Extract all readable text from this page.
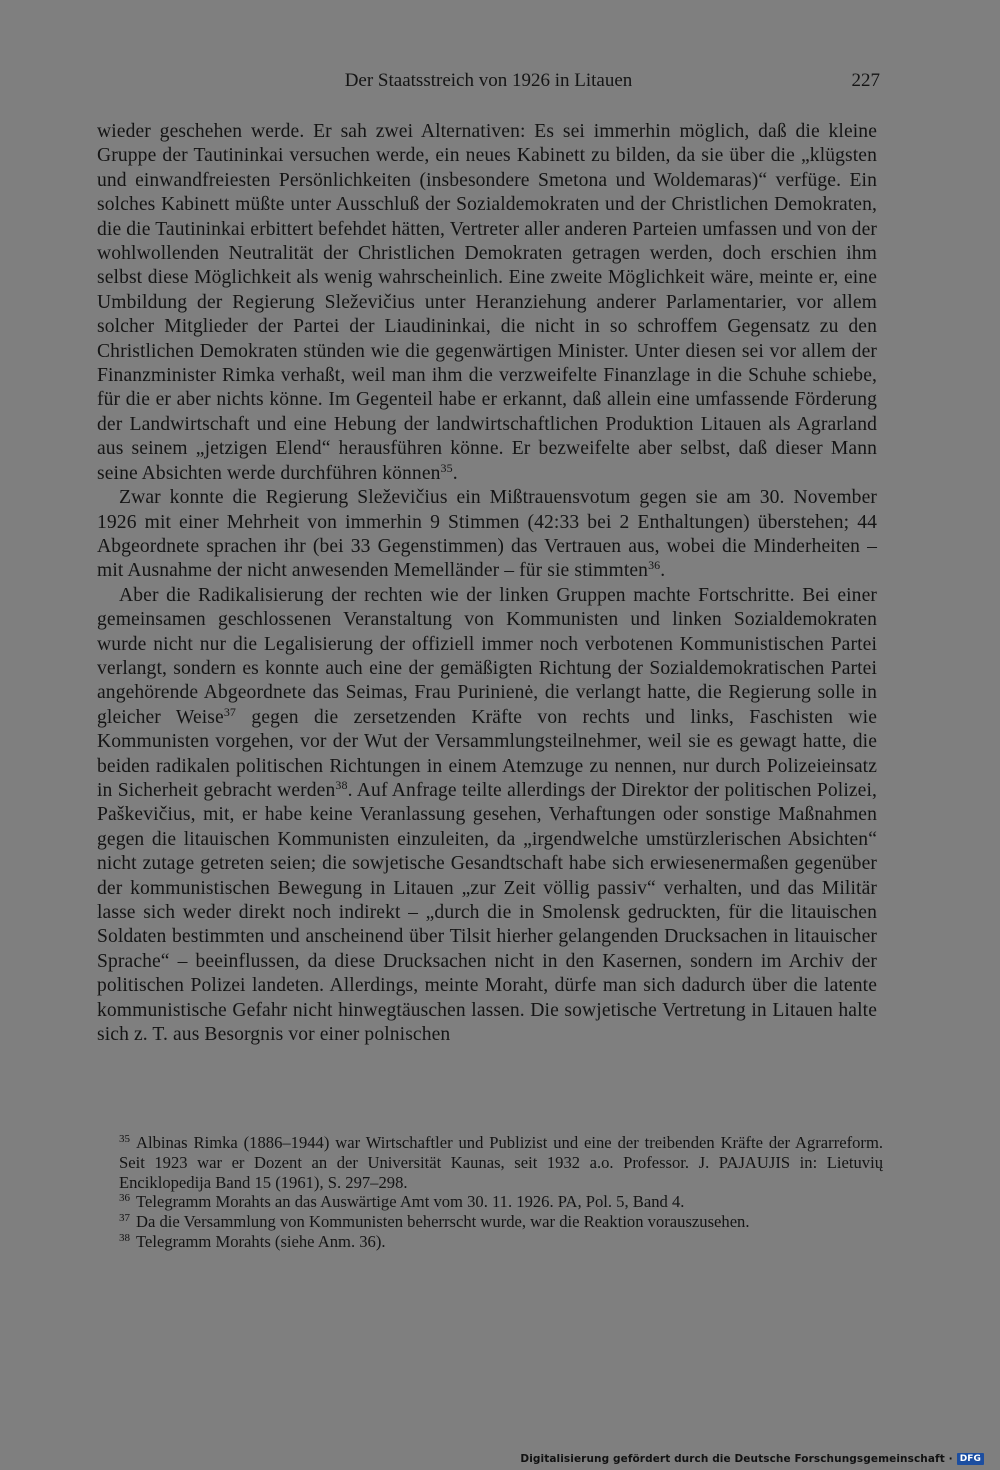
Der Staatsstreich von 1926 in Litauen	227

wieder geschehen werde. Er sah zwei Alternativen: Es sei immerhin möglich, daß die kleine Gruppe der Tautininkai versuchen werde, ein neues Kabinett zu bilden, da sie über die „klügsten und einwandfreiesten Persönlichkeiten (insbesondere Smetona und Woldemaras)“ verfüge. Ein solches Kabinett müßte unter Ausschluß der Sozialdemokraten und der Christlichen Demokraten, die die Tautininkai erbittert befehdet hätten, Vertreter aller anderen Parteien umfassen und von der wohlwollenden Neutralität der Christlichen Demokraten getragen werden, doch erschien ihm selbst diese Möglichkeit als wenig wahrscheinlich. Eine zweite Möglichkeit wäre, meinte er, eine Umbildung der Regierung Sleževičius unter Heranziehung anderer Parlamentarier, vor allem solcher Mitglieder der Partei der Liaudininkai, die nicht in so schroffem Gegensatz zu den Christlichen Demokraten stünden wie die gegenwärtigen Minister. Unter diesen sei vor allem der Finanzminister Rimka verhaßt, weil man ihm die verzweifelte Finanzlage in die Schuhe schiebe, für die er aber nichts könne. Im Gegenteil habe er erkannt, daß allein eine umfassende Förderung der Landwirtschaft und eine Hebung der landwirtschaftlichen Produktion Litauen als Agrarland aus seinem „jetzigen Elend“ herausführen könne. Er bezweifelte aber selbst, daß dieser Mann seine Absichten werde durchführen können$^{35}$.

Zwar konnte die Regierung Sleževičius ein Mißtrauensvotum gegen sie am 30. November 1926 mit einer Mehrheit von immerhin 9 Stimmen (42:33 bei 2 Enthaltungen) überstehen; 44 Abgeordnete sprachen ihr (bei 33 Gegenstimmen) das Vertrauen aus, wobei die Minderheiten – mit Ausnahme der nicht anwesenden Memelländer – für sie stimmten$^{36}$.

Aber die Radikalisierung der rechten wie der linken Gruppen machte Fortschritte. Bei einer gemeinsamen geschlossenen Veranstaltung von Kommunisten und linken Sozialdemokraten wurde nicht nur die Legalisierung der offiziell immer noch verbotenen Kommunistischen Partei verlangt, sondern es konnte auch eine der gemäßigten Richtung der Sozialdemokratischen Partei angehörende Abgeordnete das Seimas, Frau Purinienė, die verlangt hatte, die Regierung solle in gleicher Weise$^{37}$ gegen die zersetzenden Kräfte von rechts und links, Faschisten wie Kommunisten vorgehen, vor der Wut der Versammlungsteilnehmer, weil sie es gewagt hatte, die beiden radikalen politischen Richtungen in einem Atemzuge zu nennen, nur durch Polizeieinsatz in Sicherheit gebracht werden$^{38}$. Auf Anfrage teilte allerdings der Direktor der politischen Polizei, Paškevičius, mit, er habe keine Veranlassung gesehen, Verhaftungen oder sonstige Maßnahmen gegen die litauischen Kommunisten einzuleiten, da „irgendwelche umstürzlerischen Absichten“ nicht zutage getreten seien; die sowjetische Gesandtschaft habe sich erwiesenermaßen gegenüber der kommunistischen Bewegung in Litauen „zur Zeit völlig passiv“ verhalten, und das Militär lasse sich weder direkt noch indirekt – „durch die in Smolensk gedruckten, für die litauischen Soldaten bestimmten und anscheinend über Tilsit hierher gelangenden Drucksachen in litauischer Sprache“ – beeinflussen, da diese Drucksachen nicht in den Kasernen, sondern im Archiv der politischen Polizei landeten. Allerdings, meinte Moraht, dürfe man sich dadurch über die latente kommunistische Gefahr nicht hinwegtäuschen lassen. Die sowjetische Vertretung in Litauen halte sich z. T. aus Besorgnis vor einer polnischen

$^{35}$ Albinas Rimka (1886–1944) war Wirtschaftler und Publizist und eine der treibenden Kräfte der Agrarreform. Seit 1923 war er Dozent an der Universität Kaunas, seit 1932 a.o. Professor. J. PAJAUJIS in: Lietuvių Enciklopedija Band 15 (1961), S. 297–298.

$^{36}$ Telegramm Morahts an das Auswärtige Amt vom 30. 11. 1926. PA, Pol. 5, Band 4.

$^{37}$ Da die Versammlung von Kommunisten beherrscht wurde, war die Reaktion vorauszusehen.

$^{38}$ Telegramm Morahts (siehe Anm. 36).

Digitalisierung gefördert durch die Deutsche Forschungsgemeinschaft · DFG
